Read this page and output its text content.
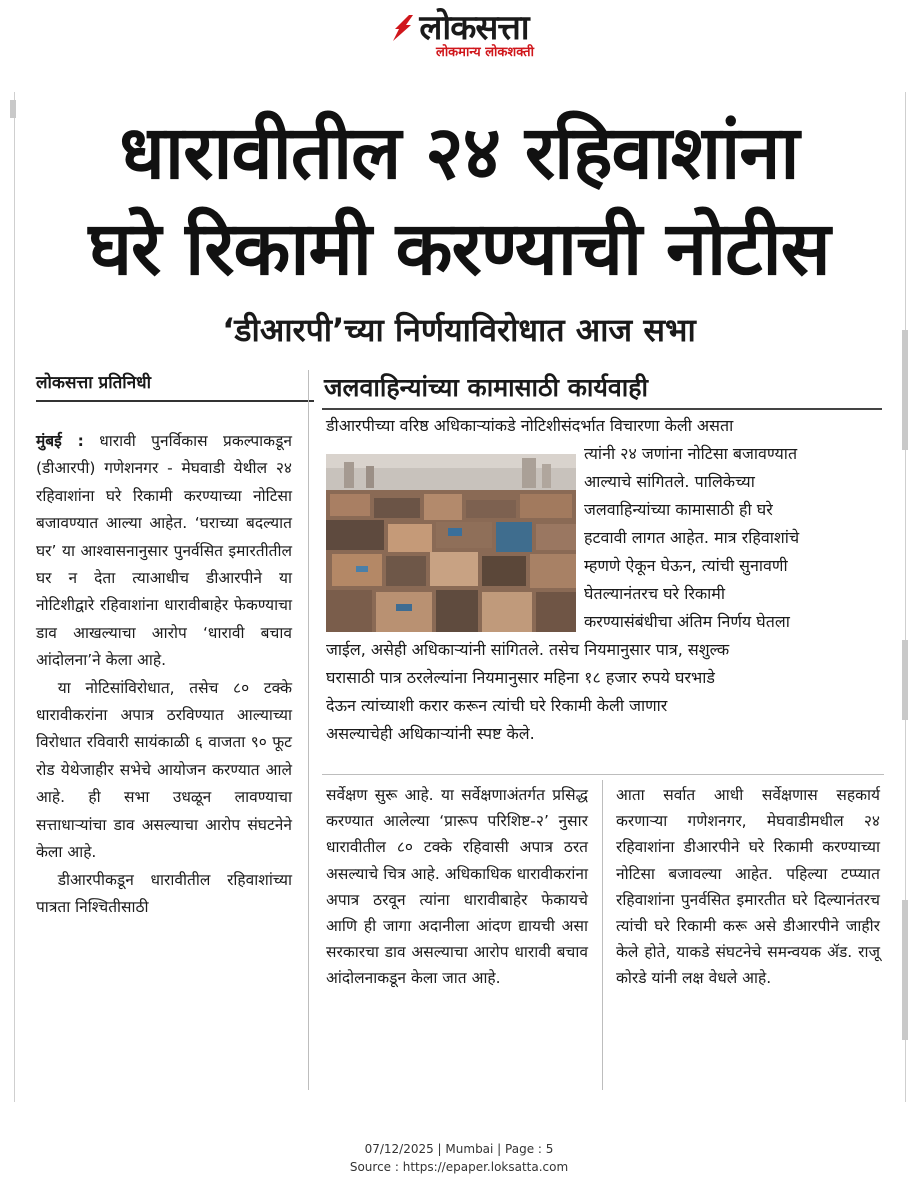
लोकसत्ता
लोकमान्य लोकशक्ती
धारावीतील २४ रहिवाशांना
घरे रिकामी करण्याची नोटीस
‘डीआरपी’च्या निर्णयाविरोधात आज सभा
लोकसत्ता प्रतिनिधी

मुंबई : धारावी पुनर्विकास प्रकल्पाकडून (डीआरपी) गणेशनगर - मेघवाडी येथील २४ रहिवाशांना घरे रिकामी करण्याच्या नोटिसा बजावण्यात आल्या आहेत. ‘घराच्या बदल्यात घर’ या आश्वासनानुसार पुनर्वसित इमारतीतील घर न देता त्याआधीच डीआरपीने या नोटिशीद्वारे रहिवाशांना धारावीबाहेर फेकण्याचा डाव आखल्याचा आरोप ‘धारावी बचाव आंदोलना’ने केला आहे.

या नोटिसांविरोधात, तसेच ८० टक्के धारावीकरांना अपात्र ठरविण्यात आल्याच्या विरोधात रविवारी सायंकाळी ६ वाजता ९० फूट रोड येथेजाहीर सभेचे आयोजन करण्यात आले आहे. ही सभा उधळून लावण्याचा सत्ताधाऱ्यांचा डाव असल्याचा आरोप संघटनेने केला आहे.

डीआरपीकडून धारावीतील रहिवाशांच्या पात्रता निश्चितीसाठी

जलवाहिन्यांच्या कामासाठी कार्यवाही
डीआरपीच्या वरिष्ठ अधिकाऱ्यांकडे नोटिशीसंदर्भात विचारणा केली असता
त्यांनी २४ जणांना नोटिसा बजावण्यात
आल्याचे सांगितले. पालिकेच्या
जलवाहिन्यांच्या कामासाठी ही घरे
हटवावी लागत आहेत. मात्र रहिवाशांचे
म्हणणे ऐकून घेऊन, त्यांची सुनावणी
घेतल्यानंतरच घरे रिकामी
करण्यासंबंधीचा अंतिम निर्णय घेतला
जाईल, असेही अधिकाऱ्यांनी सांगितले. तसेच नियमानुसार पात्र, सशुल्क
घरासाठी पात्र ठरलेल्यांना नियमानुसार महिना १८ हजार रुपये घरभाडे
देऊन त्यांच्याशी करार करून त्यांची घरे रिकामी केली जाणार
असल्याचेही अधिकाऱ्यांनी स्पष्ट केले.
सर्वेक्षण सुरू आहे. या सर्वेक्षणाअंतर्गत प्रसिद्ध करण्यात आलेल्या ‘प्रारूप परिशिष्ट-२’ नुसार धारावीतील ८० टक्के रहिवासी अपात्र ठरत असल्याचे चित्र आहे. अधिकाधिक धारावीकरांना अपात्र ठरवून त्यांना धारावीबाहेर फेकायचे आणि ही जागा अदानीला आंदण द्यायची असा सरकारचा डाव असल्याचा आरोप धारावी बचाव आंदोलनाकडून केला जात आहे.
आता सर्वात आधी सर्वेक्षणास सहकार्य करणाऱ्या गणेशनगर, मेघवाडीमधील २४ रहिवाशांना डीआरपीने घरे रिकामी करण्याच्या नोटिसा बजावल्या आहेत. पहिल्या टप्प्यात रहिवाशांना पुनर्वसित इमारतीत घरे दिल्यानंतरच त्यांची घरे रिकामी करू असे डीआरपीने जाहीर केले होते, याकडे संघटनेचे समन्वयक ॲड. राजू कोरडे यांनी लक्ष वेधले आहे.
07/12/2025 | Mumbai | Page : 5
Source : https://epaper.loksatta.com
